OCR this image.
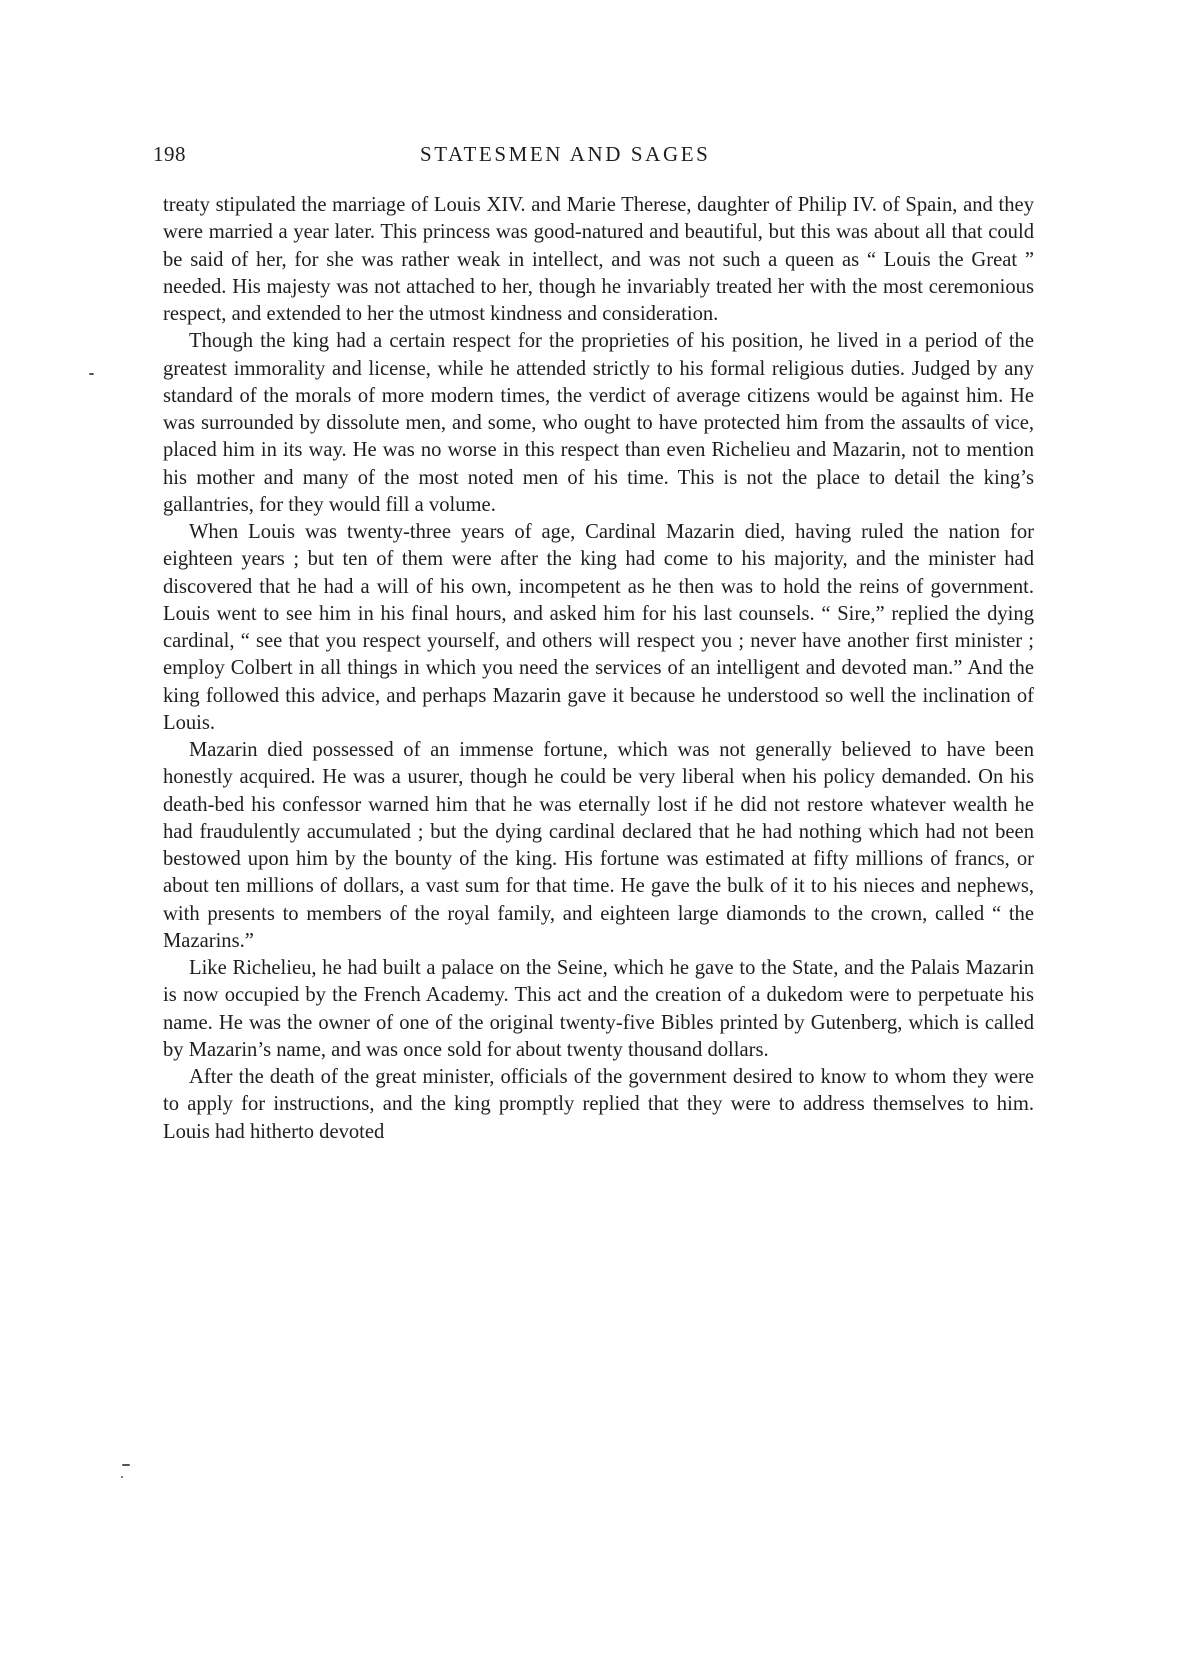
198	STATESMEN AND SAGES

treaty stipulated the marriage of Louis XIV. and Marie Therese, daughter of Philip IV. of Spain, and they were married a year later. This princess was good-natured and beautiful, but this was about all that could be said of her, for she was rather weak in intellect, and was not such a queen as “ Louis the Great ” needed. His majesty was not attached to her, though he invariably treated her with the most ceremonious respect, and extended to her the utmost kindness and consideration.

Though the king had a certain respect for the proprieties of his position, he lived in a period of the greatest immorality and license, while he attended strictly to his formal religious duties. Judged by any standard of the morals of more modern times, the verdict of average citizens would be against him. He was surrounded by dissolute men, and some, who ought to have protected him from the assaults of vice, placed him in its way. He was no worse in this respect than even Richelieu and Mazarin, not to mention his mother and many of the most noted men of his time. This is not the place to detail the king’s gallantries, for they would fill a volume.

When Louis was twenty-three years of age, Cardinal Mazarin died, having ruled the nation for eighteen years ; but ten of them were after the king had come to his majority, and the minister had discovered that he had a will of his own, incompetent as he then was to hold the reins of government. Louis went to see him in his final hours, and asked him for his last counsels. “ Sire,” replied the dying cardinal, “ see that you respect yourself, and others will respect you ; never have another first minister ; employ Colbert in all things in which you need the services of an intelligent and devoted man.” And the king followed this advice, and perhaps Mazarin gave it because he understood so well the inclination of Louis.

Mazarin died possessed of an immense fortune, which was not generally believed to have been honestly acquired. He was a usurer, though he could be very liberal when his policy demanded. On his death-bed his confessor warned him that he was eternally lost if he did not restore whatever wealth he had fraudulently accumulated ; but the dying cardinal declared that he had nothing which had not been bestowed upon him by the bounty of the king. His fortune was estimated at fifty millions of francs, or about ten millions of dollars, a vast sum for that time. He gave the bulk of it to his nieces and nephews, with presents to members of the royal family, and eighteen large diamonds to the crown, called “ the Mazarins.”

Like Richelieu, he had built a palace on the Seine, which he gave to the State, and the Palais Mazarin is now occupied by the French Academy. This act and the creation of a dukedom were to perpetuate his name. He was the owner of one of the original twenty-five Bibles printed by Gutenberg, which is called by Mazarin’s name, and was once sold for about twenty thousand dollars.

After the death of the great minister, officials of the government desired to know to whom they were to apply for instructions, and the king promptly replied that they were to address themselves to him. Louis had hitherto devoted
